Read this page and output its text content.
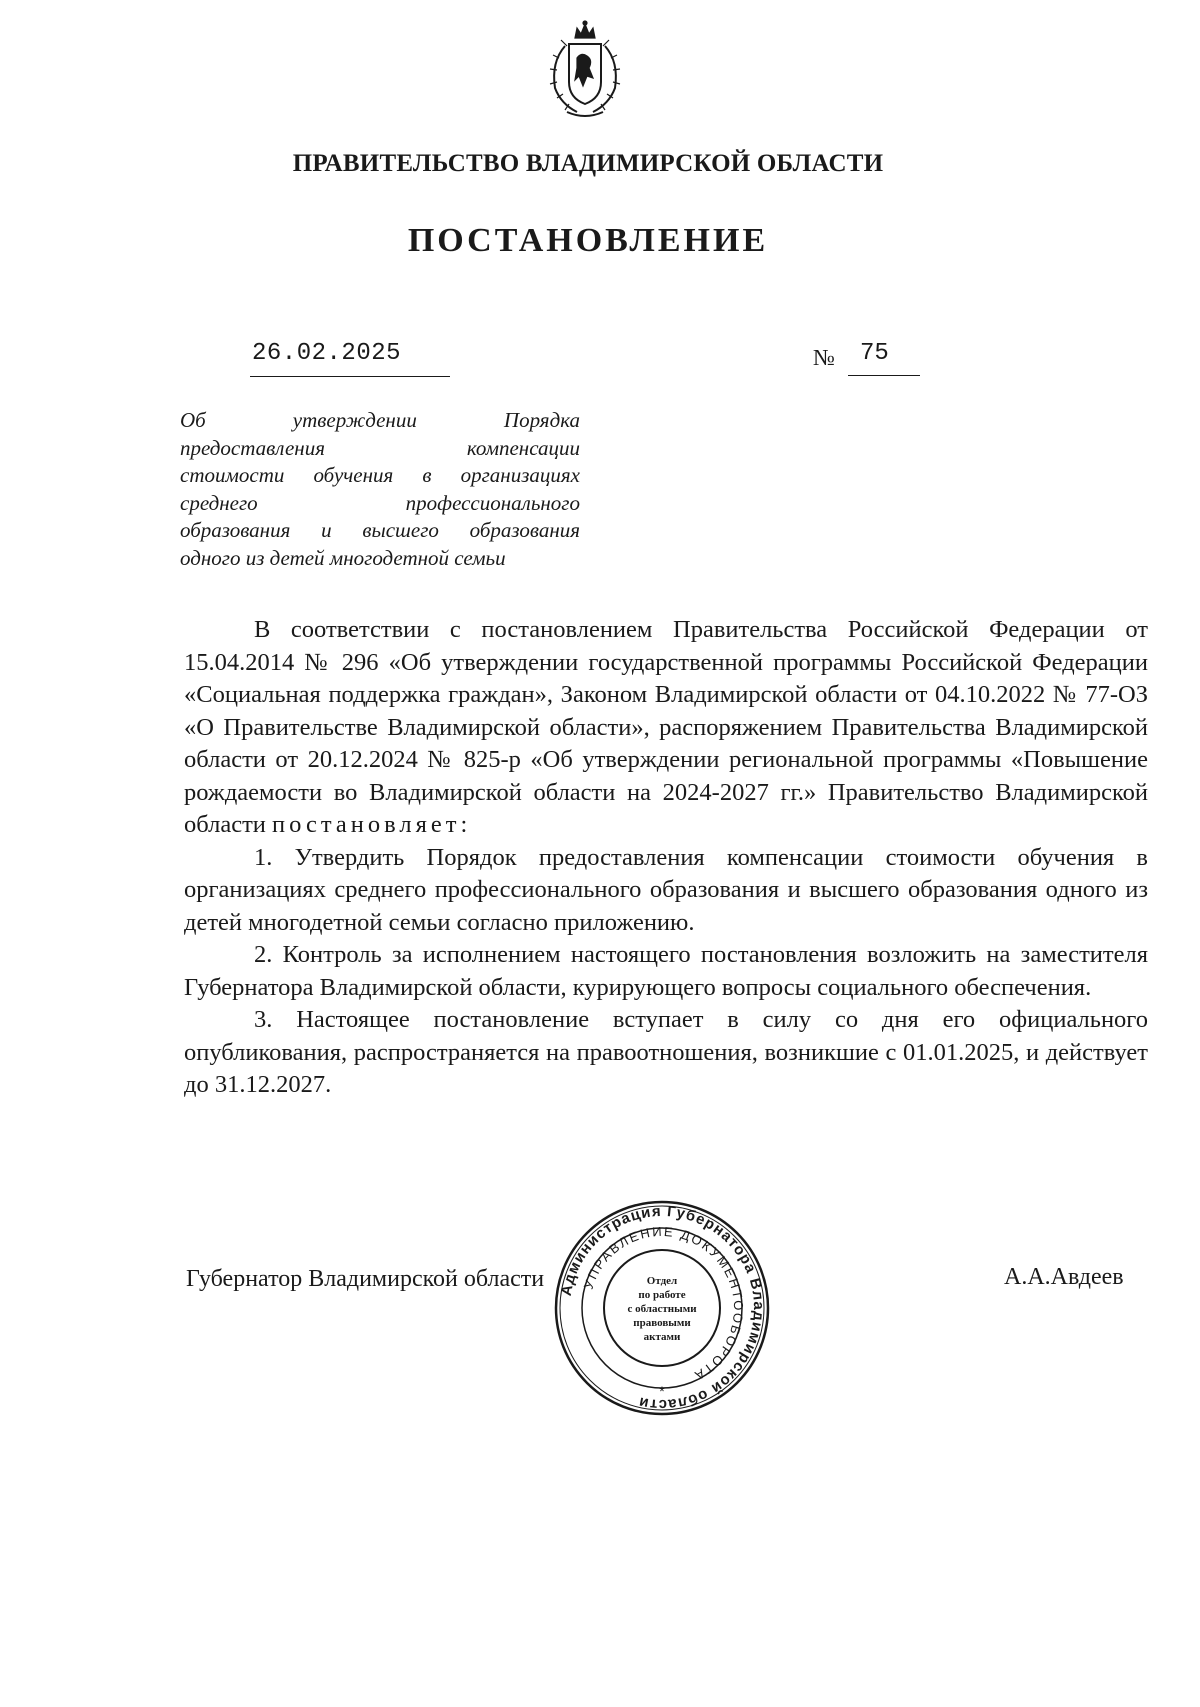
ПРАВИТЕЛЬСТВО ВЛАДИМИРСКОЙ ОБЛАСТИ
ПОСТАНОВЛЕНИЕ
26.02.2025	№ 75
Об утверждении Порядка
предоставления компенсации
стоимости обучения в организациях
среднего профессионального
образования и высшего образования
одного из детей многодетной семьи

В соответствии с постановлением Правительства Российской Федерации от 15.04.2014 № 296 «Об утверждении государственной программы Российской Федерации «Социальная поддержка граждан», Законом Владимирской области от 04.10.2022 № 77-ОЗ «О Правительстве Владимирской области», распоряжением Правительства Владимирской области от 20.12.2024 № 825-р «Об утверждении региональной программы «Повышение рождаемости во Владимирской области на 2024-2027 гг.» Правительство Владимирской области постановляет:

1. Утвердить Порядок предоставления компенсации стоимости обучения в организациях среднего профессионального образования и высшего образования одного из детей многодетной семьи согласно приложению.

2. Контроль за исполнением настоящего постановления возложить на заместителя Губернатора Владимирской области, курирующего вопросы социального обеспечения.

3. Настоящее постановление вступает в силу со дня его официального опубликования, распространяется на правоотношения, возникшие с 01.01.2025, и действует до 31.12.2027.

Губернатор Владимирской области	А.А.Авдеев
Администрация Губернатора Владимирской области
УПРАВЛЕНИЕ ДОКУМЕНТООБОРОТА
Отдел
по работе
с областными
правовыми
актами
*
